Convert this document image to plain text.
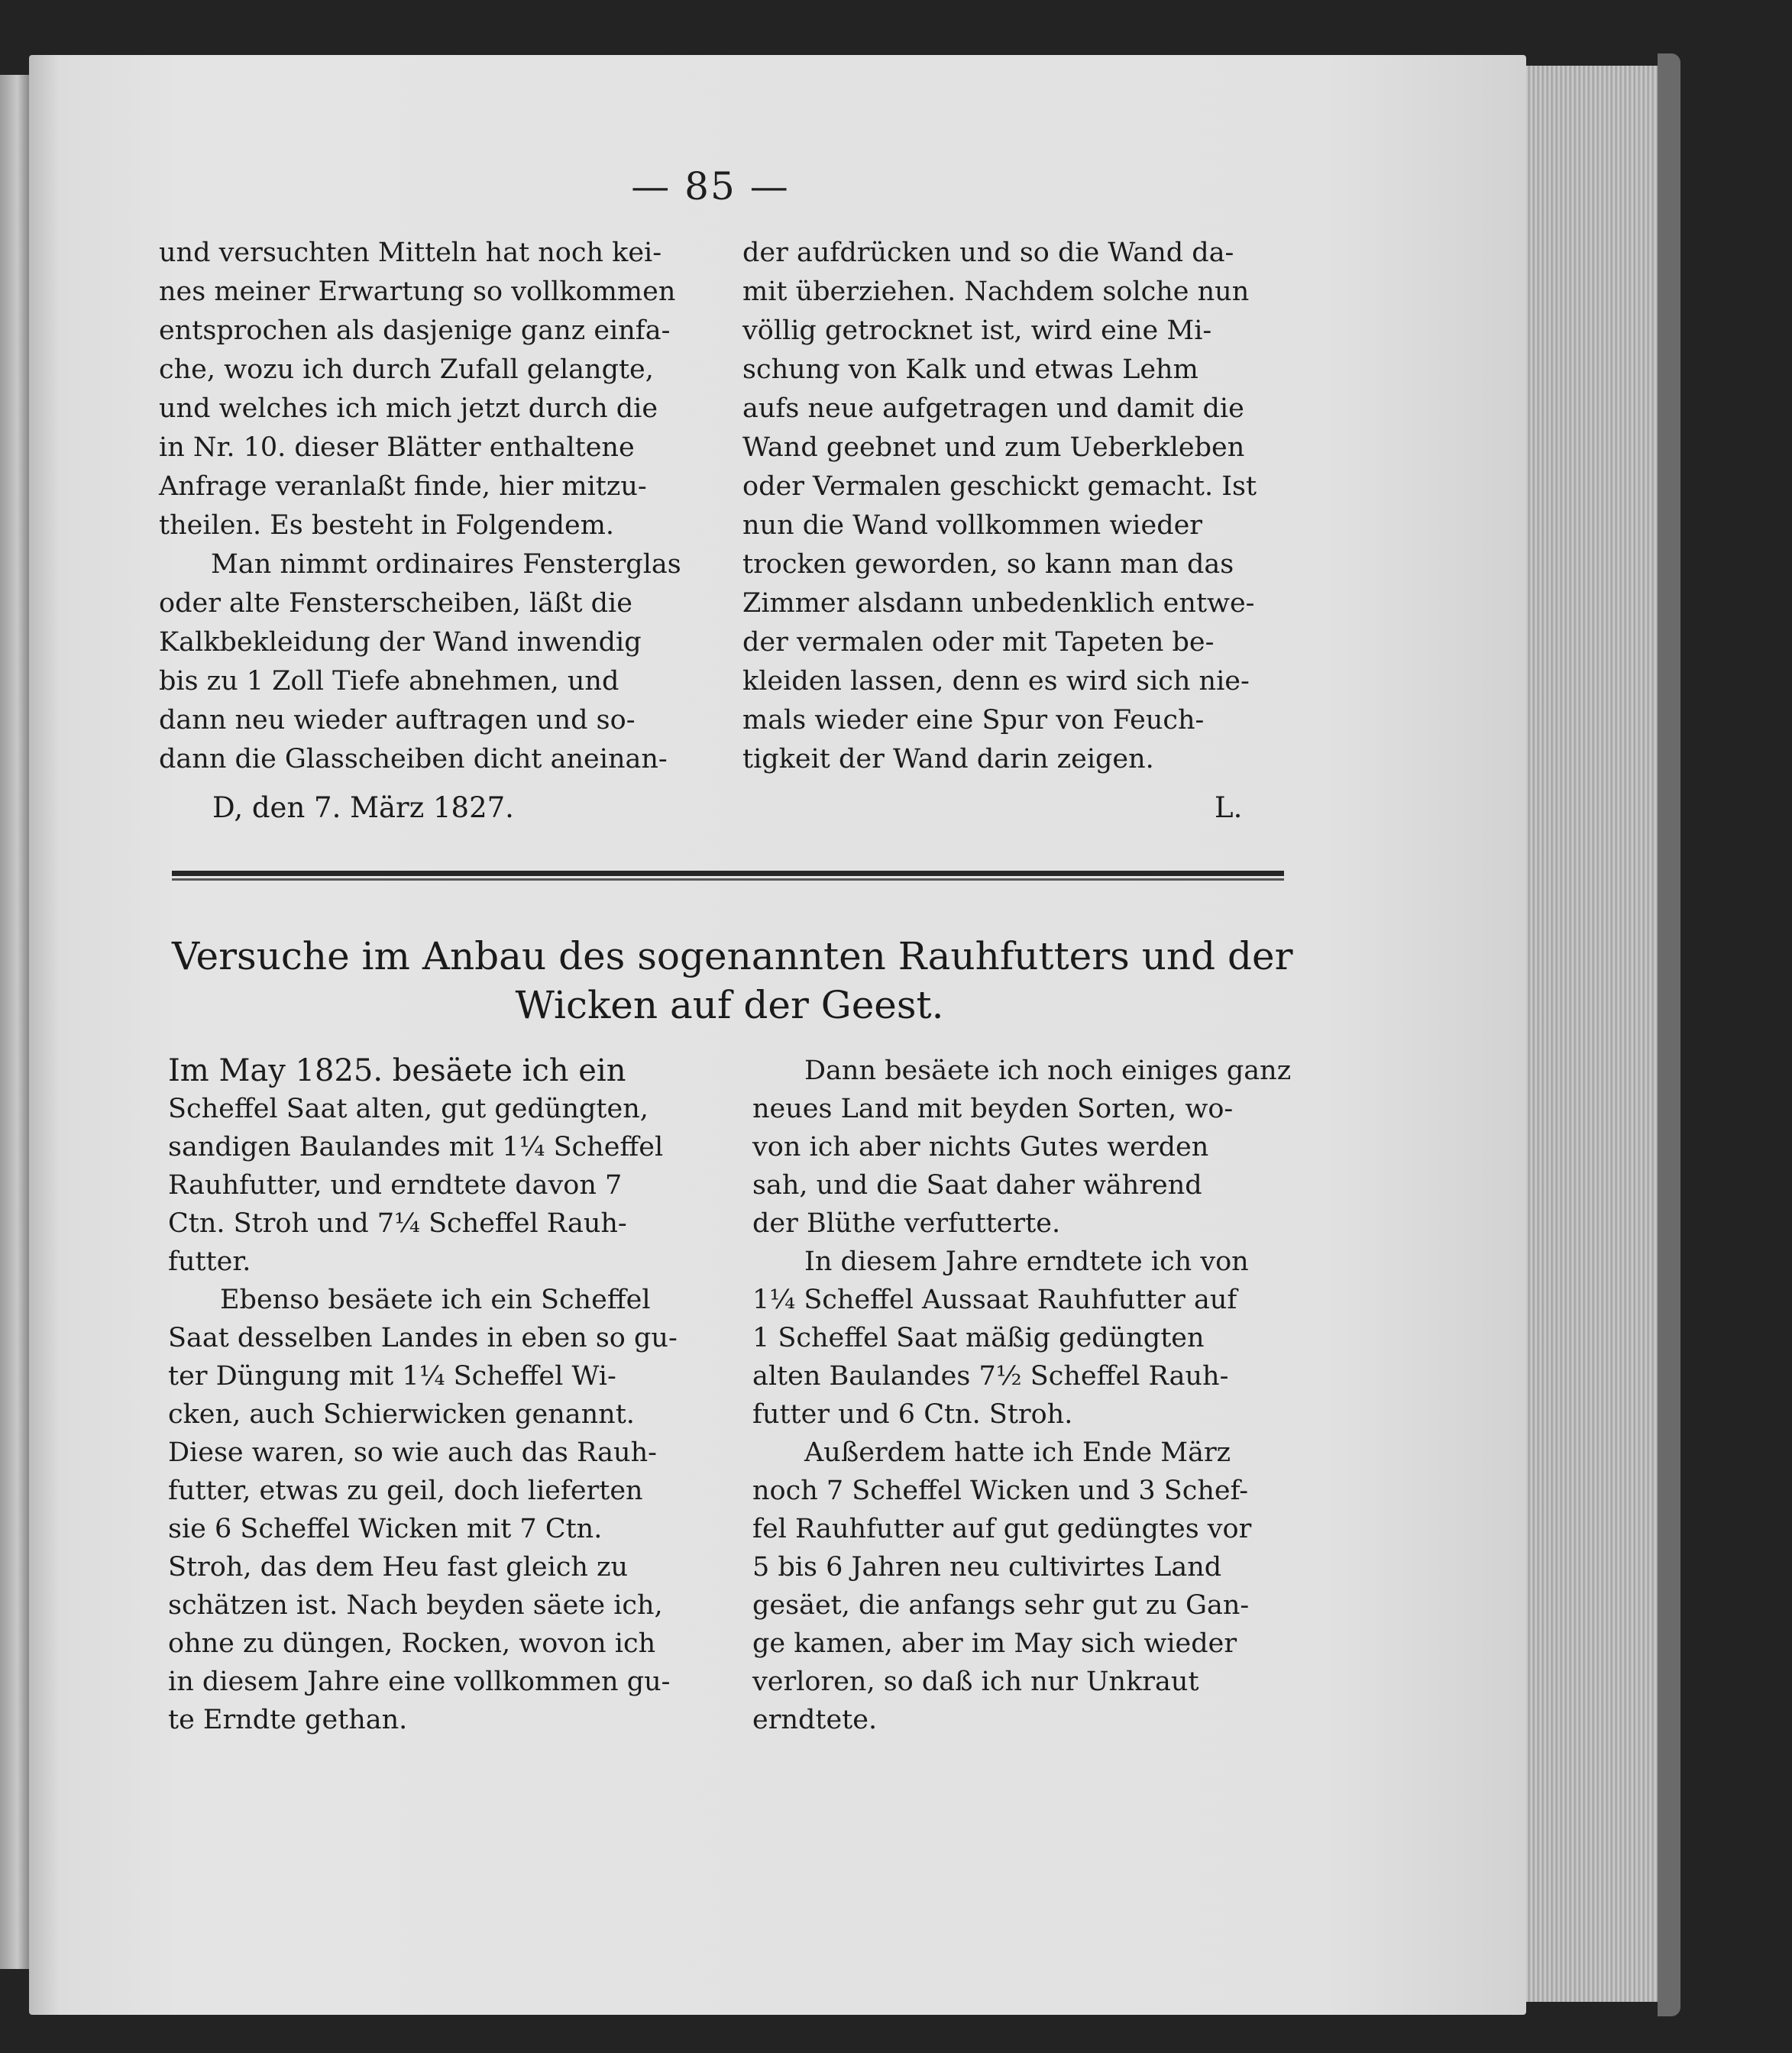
— 85 —
und versuchten Mitteln hat noch kei-
nes meiner Erwartung so vollkommen
entsprochen als dasjenige ganz einfa-
che, wozu ich durch Zufall gelangte,
und welches ich mich jetzt durch die
in Nr. 10. dieser Blätter enthaltene
Anfrage veranlaßt finde, hier mitzu-
theilen. Es besteht in Folgendem.
Man nimmt ordinaires Fensterglas
oder alte Fensterscheiben, läßt die
Kalkbekleidung der Wand inwendig
bis zu 1 Zoll Tiefe abnehmen, und
dann neu wieder auftragen und so-
dann die Glasscheiben dicht aneinan-
der aufdrücken und so die Wand da-
mit überziehen. Nachdem solche nun
völlig getrocknet ist, wird eine Mi-
schung von Kalk und etwas Lehm
aufs neue aufgetragen und damit die
Wand geebnet und zum Ueberkleben
oder Vermalen geschickt gemacht. Ist
nun die Wand vollkommen wieder
trocken geworden, so kann man das
Zimmer alsdann unbedenklich entwe-
der vermalen oder mit Tapeten be-
kleiden lassen, denn es wird sich nie-
mals wieder eine Spur von Feuch-
tigkeit der Wand darin zeigen.
D, den 7. März 1827.	L.
Versuche im Anbau des sogenannten Rauhfutters und der
Wicken auf der Geest.
Im May 1825. besäete ich ein
Scheffel Saat alten, gut gedüngten,
sandigen Baulandes mit 1¼ Scheffel
Rauhfutter, und erndtete davon 7
Ctn. Stroh und 7¼ Scheffel Rauh-
futter.
Ebenso besäete ich ein Scheffel
Saat desselben Landes in eben so gu-
ter Düngung mit 1¼ Scheffel Wi-
cken, auch Schierwicken genannt.
Diese waren, so wie auch das Rauh-
futter, etwas zu geil, doch lieferten
sie 6 Scheffel Wicken mit 7 Ctn.
Stroh, das dem Heu fast gleich zu
schätzen ist. Nach beyden säete ich,
ohne zu düngen, Rocken, wovon ich
in diesem Jahre eine vollkommen gu-
te Erndte gethan.
Dann besäete ich noch einiges ganz
neues Land mit beyden Sorten, wo-
von ich aber nichts Gutes werden
sah, und die Saat daher während
der Blüthe verfutterte.
In diesem Jahre erndtete ich von
1¼ Scheffel Aussaat Rauhfutter auf
1 Scheffel Saat mäßig gedüngten
alten Baulandes 7½ Scheffel Rauh-
futter und 6 Ctn. Stroh.
Außerdem hatte ich Ende März
noch 7 Scheffel Wicken und 3 Schef-
fel Rauhfutter auf gut gedüngtes vor
5 bis 6 Jahren neu cultivirtes Land
gesäet, die anfangs sehr gut zu Gan-
ge kamen, aber im May sich wieder
verloren, so daß ich nur Unkraut
erndtete.
